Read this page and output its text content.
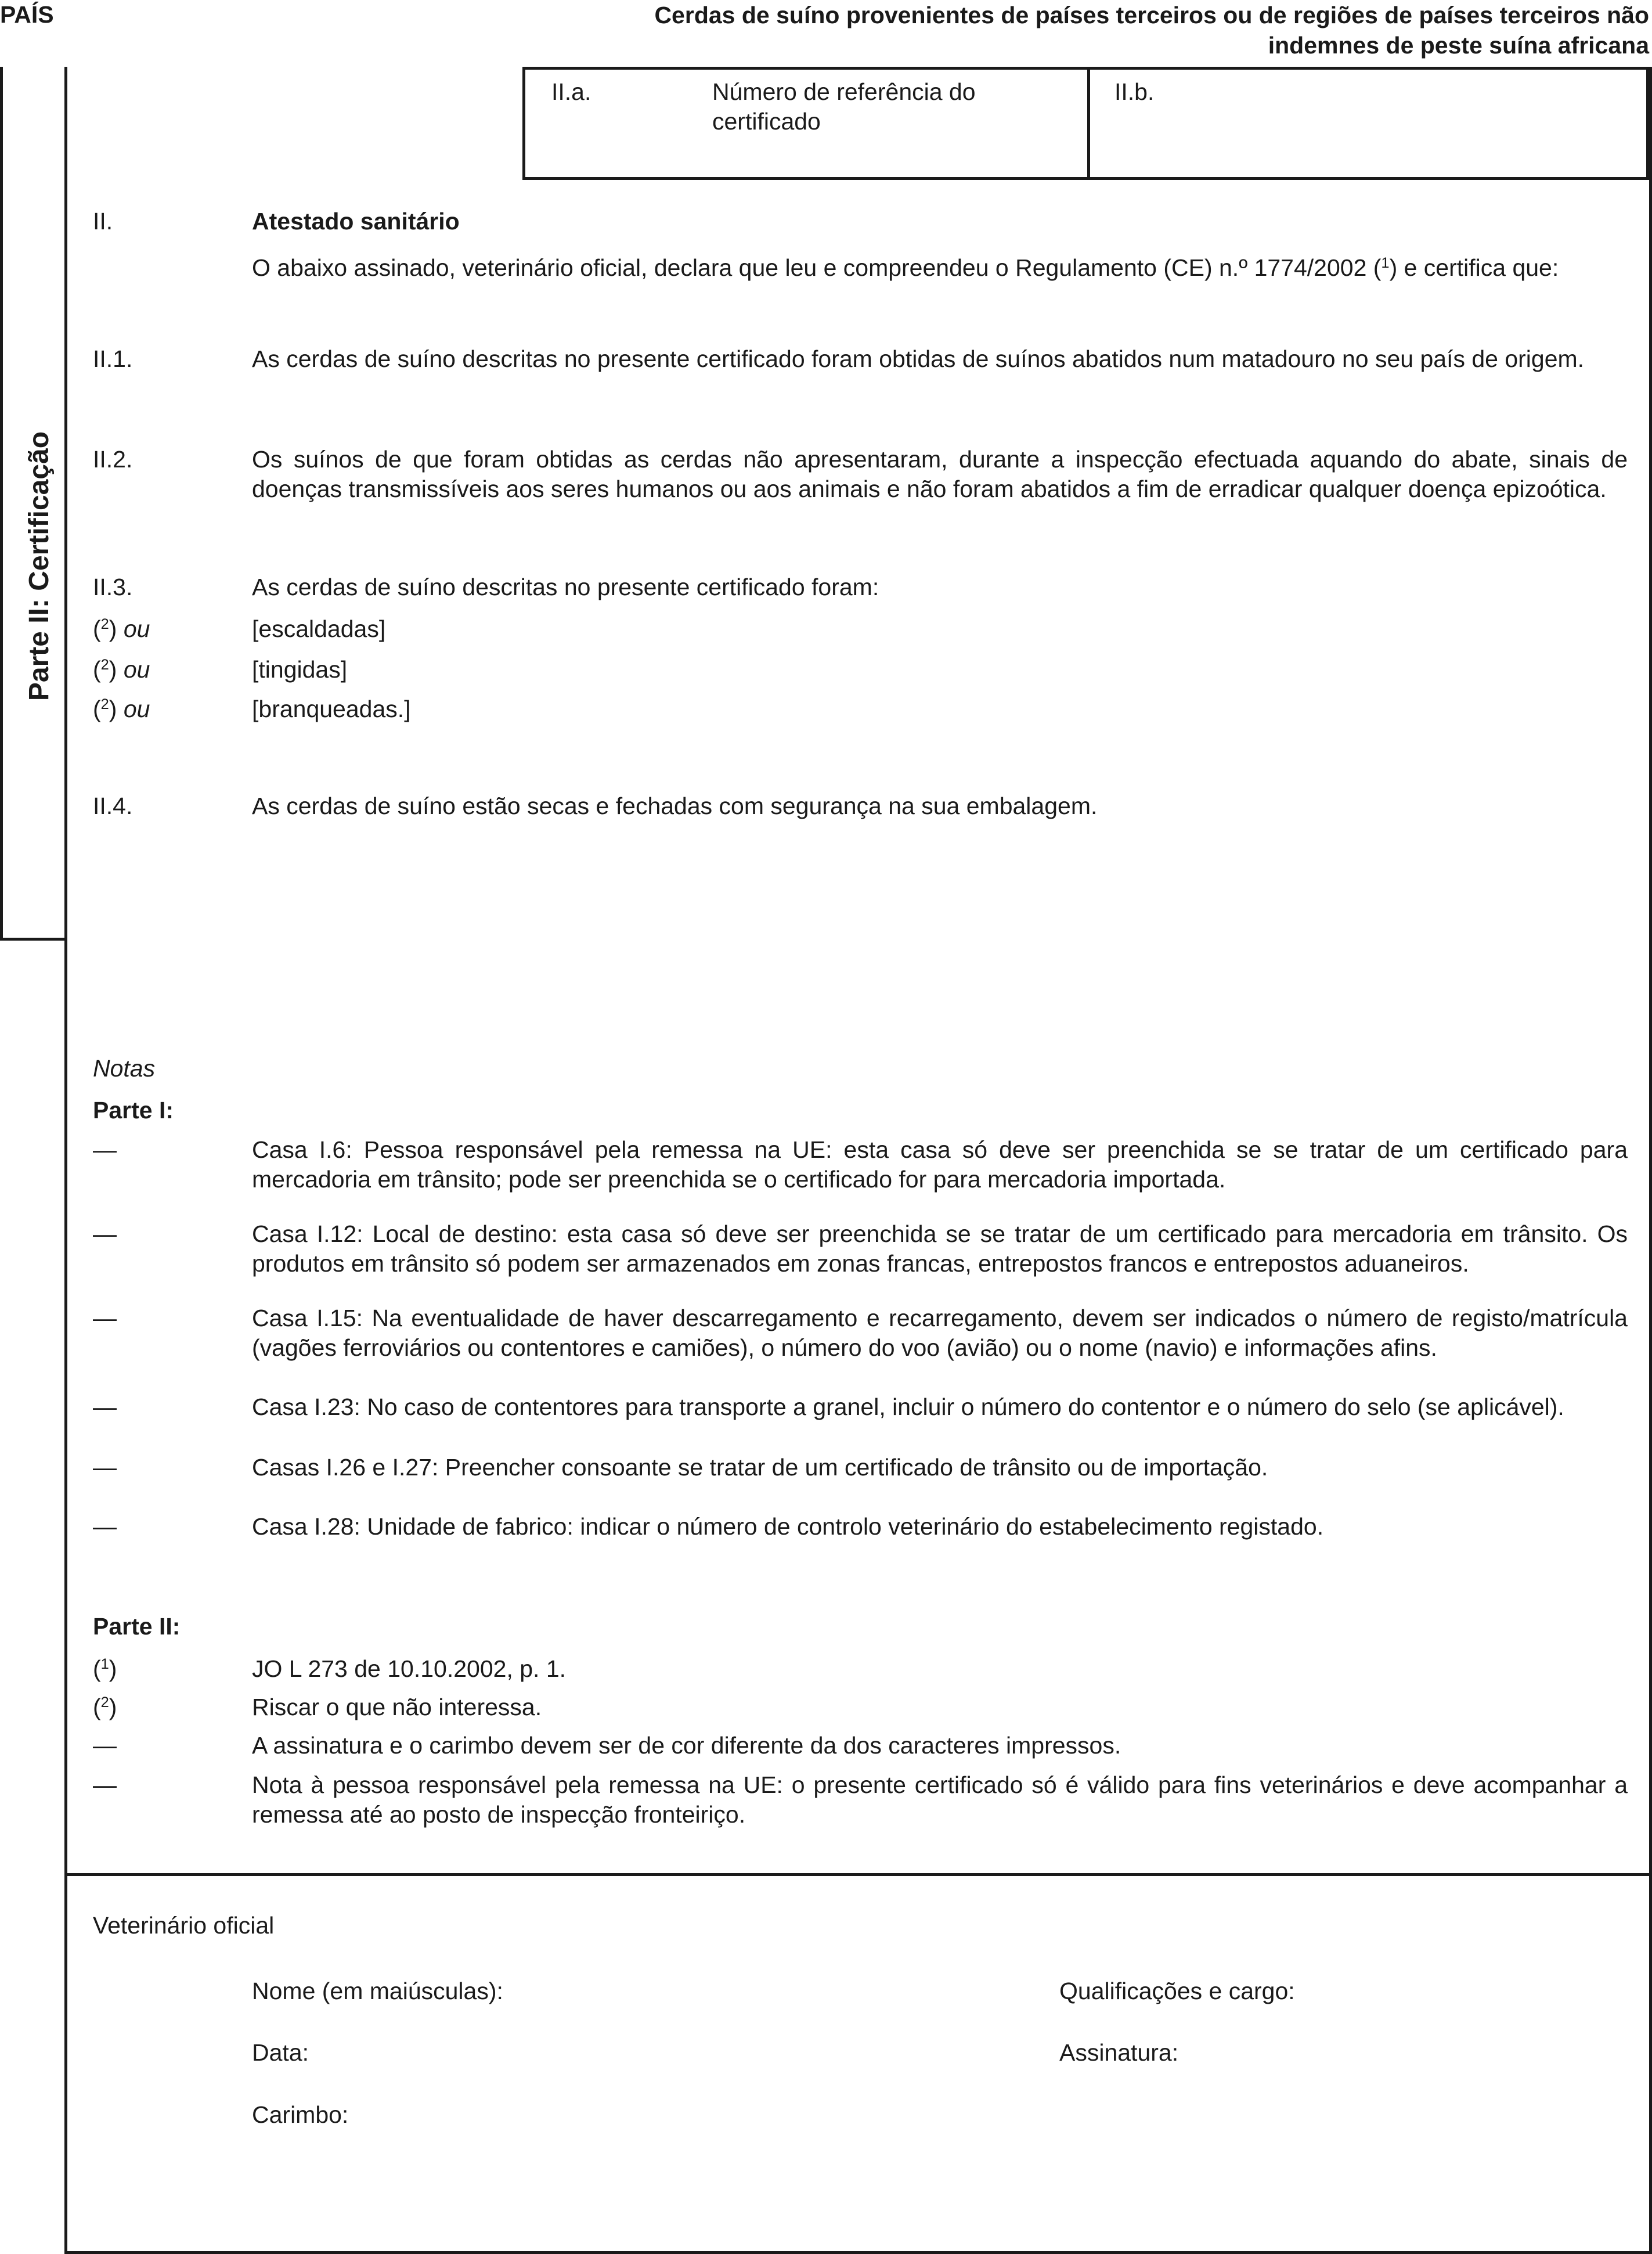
PAÍS	Cerdas de suíno provenientes de países terceiros ou de regiões de países terceiros não indemnes de peste suína africana
Parte II: Certificação
II.a.	Número de referência do certificado
II.b.
II.	Atestado sanitário
O abaixo assinado, veterinário oficial, declara que leu e compreendeu o Regulamento (CE) n.º 1774/2002 ($^1$) e certifica que:
II.1.	As cerdas de suíno descritas no presente certificado foram obtidas de suínos abatidos num matadouro no seu país de origem.
II.2.	Os suínos de que foram obtidas as cerdas não apresentaram, durante a inspecção efectuada aquando do abate, sinais de doenças transmissíveis aos seres humanos ou aos animais e não foram abatidos a fim de erradicar qualquer doença epizoótica.
II.3.	As cerdas de suíno descritas no presente certificado foram:
($^2$) ou	[escaldadas]
($^2$) ou	[tingidas]
($^2$) ou	[branqueadas.]
II.4.	As cerdas de suíno estão secas e fechadas com segurança na sua embalagem.
Notas
Parte I:
—
Casa I.6: Pessoa responsável pela remessa na UE: esta casa só deve ser preenchida se se tratar de um certificado para mercadoria em trânsito; pode ser preenchida se o certificado for para mercadoria importada.
—
Casa I.12: Local de destino: esta casa só deve ser preenchida se se tratar de um certificado para mercadoria em trânsito. Os produtos em trânsito só podem ser armazenados em zonas francas, entrepostos francos e entrepostos aduaneiros.
—
Casa I.15: Na eventualidade de haver descarregamento e recarregamento, devem ser indicados o número de registo/matrícula (vagões ferroviários ou contentores e camiões), o número do voo (avião) ou o nome (navio) e informações afins.
—
Casa I.23: No caso de contentores para transporte a granel, incluir o número do contentor e o número do selo (se aplicável).
—
Casas I.26 e I.27: Preencher consoante se tratar de um certificado de trânsito ou de importação.
—
Casa I.28: Unidade de fabrico: indicar o número de controlo veterinário do estabelecimento registado.
Parte II:
($^1$)	JO L 273 de 10.10.2002, p. 1.
($^2$)	Riscar o que não interessa.
—
A assinatura e o carimbo devem ser de cor diferente da dos caracteres impressos.
—
Nota à pessoa responsável pela remessa na UE: o presente certificado só é válido para fins veterinários e deve acompanhar a remessa até ao posto de inspecção fronteiriço.
Veterinário oficial
Nome (em maiúsculas):	Qualificações e cargo:
Data:	Assinatura:
Carimbo:
